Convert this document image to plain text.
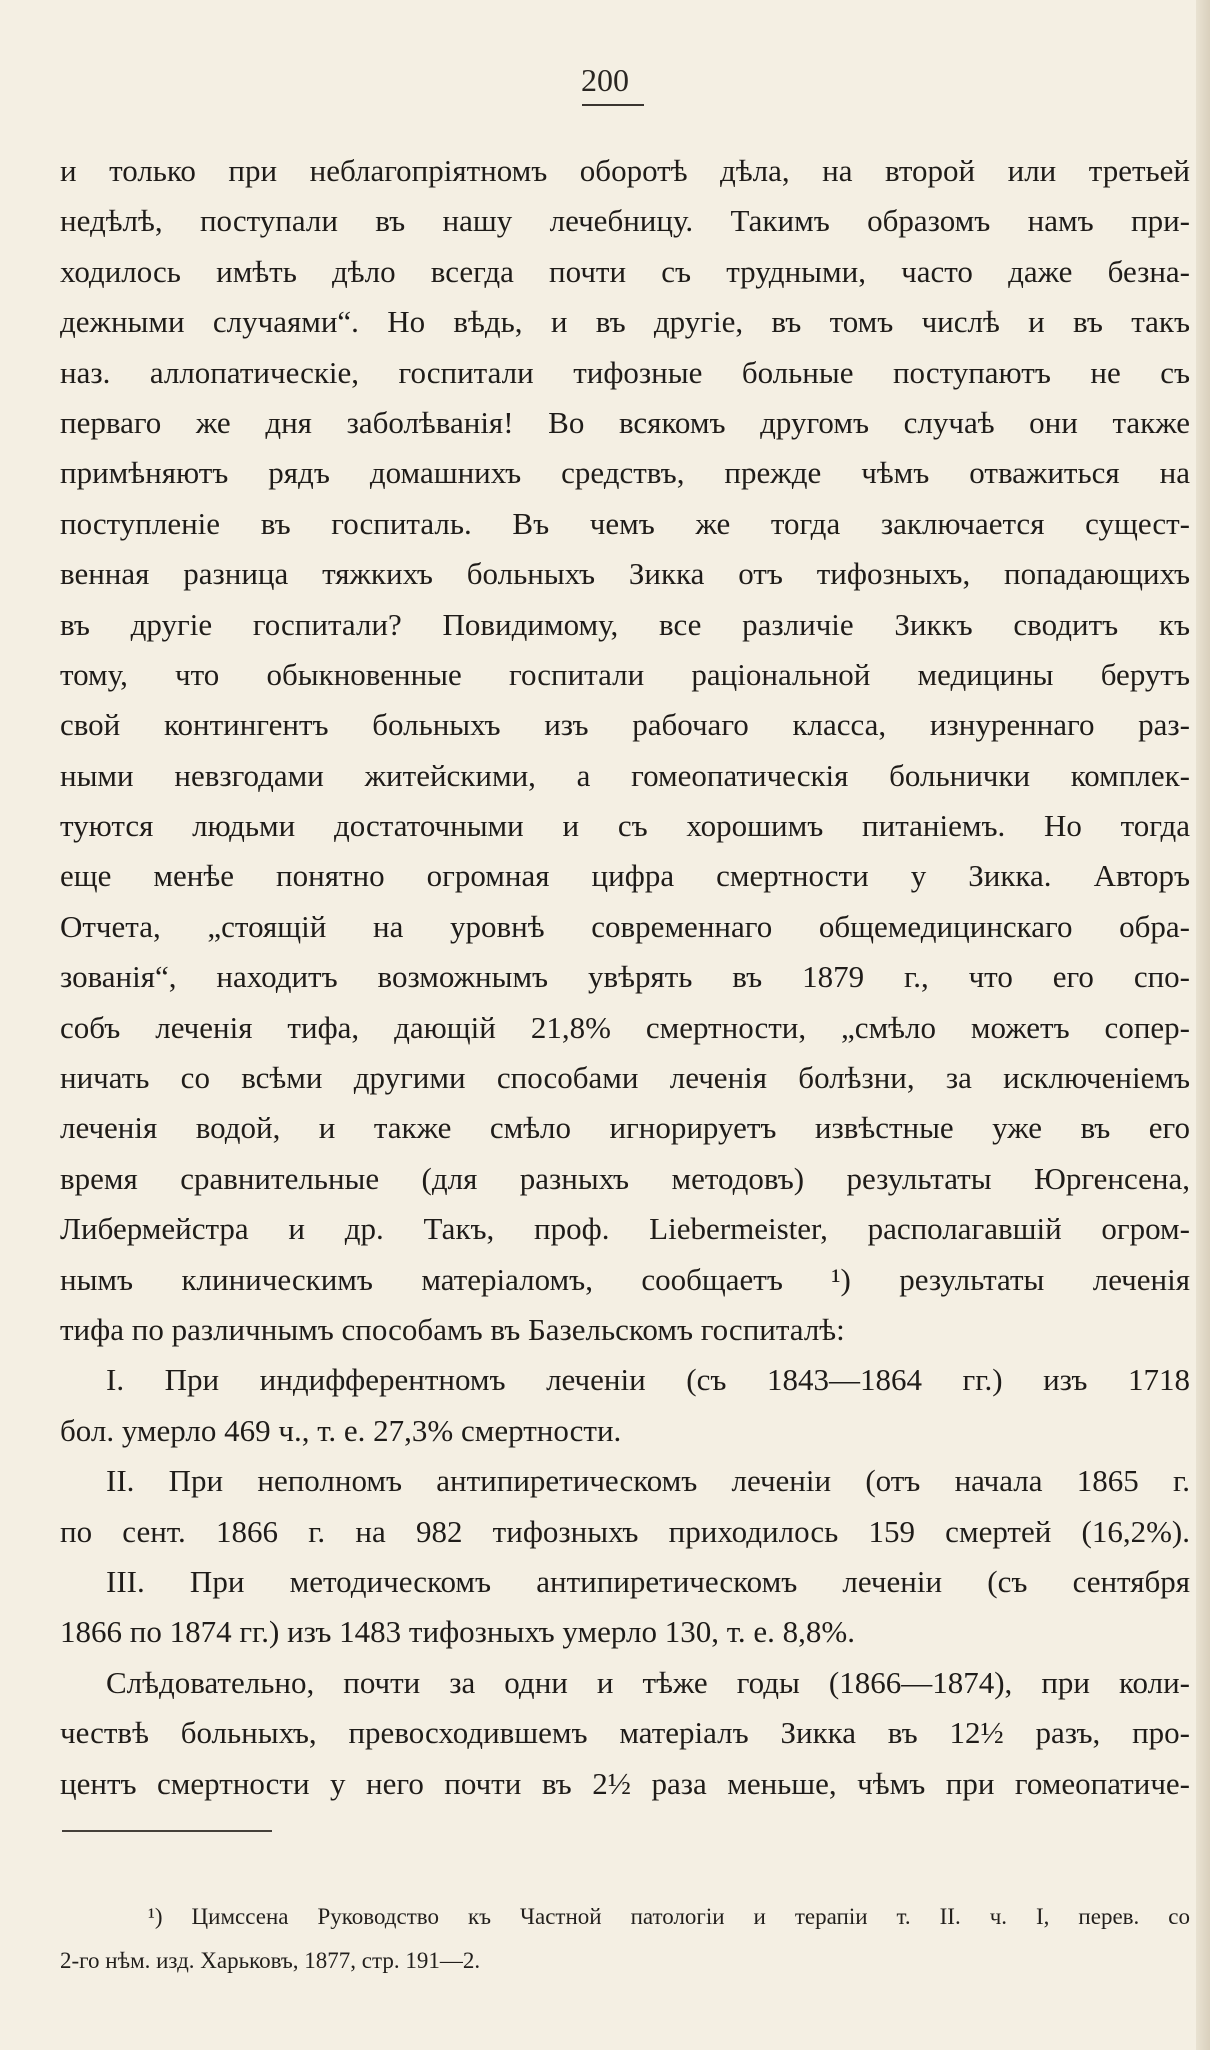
200
и только при неблагопріятномъ оборотѣ дѣла, на второй или третьей
недѣлѣ, поступали въ нашу лечебницу. Такимъ образомъ намъ при-
ходилось имѣть дѣло всегда почти съ трудными, часто даже безна-
дежными случаями“. Но вѣдь, и въ другіе, въ томъ числѣ и въ такъ
наз. аллопатическіе, госпитали тифозные больные поступаютъ не съ
перваго же дня заболѣванія! Во всякомъ другомъ случаѣ они также
примѣняютъ рядъ домашнихъ средствъ, прежде чѣмъ отважиться на
поступленіе въ госпиталь. Въ чемъ же тогда заключается сущест-
венная разница тяжкихъ больныхъ Зикка отъ тифозныхъ, попадающихъ
въ другіе госпитали? Повидимому, все различіе Зиккъ сводитъ къ
тому, что обыкновенные госпитали раціональной медицины берутъ
свой контингентъ больныхъ изъ рабочаго класса, изнуреннаго раз-
ными невзгодами житейскими, а гомеопатическія больнички комплек-
туются людьми достаточными и съ хорошимъ питаніемъ. Но тогда
еще менѣе понятно огромная цифра смертности у Зикка. Авторъ
Отчета, „стоящій на уровнѣ современнаго общемедицинскаго обра-
зованія“, находитъ возможнымъ увѣрять въ 1879 г., что его спо-
собъ леченія тифа, дающій 21,8% смертности, „смѣло можетъ сопер-
ничать со всѣми другими способами леченія болѣзни, за исключеніемъ
леченія водой, и также смѣло игнорируетъ извѣстные уже въ его
время сравнительные (для разныхъ методовъ) результаты Юргенсена,
Либермейстра и др. Такъ, проф. Liebermeister, располагавшій огром-
нымъ клиническимъ матеріаломъ, сообщаетъ ¹) результаты леченія
тифа по различнымъ способамъ въ Базельскомъ госпиталѣ:
I. При индифферентномъ леченіи (съ 1843—1864 гг.) изъ 1718
бол. умерло 469 ч., т. е. 27,3% смертности.
II. При неполномъ антипиретическомъ леченіи (отъ начала 1865 г.
по сент. 1866 г. на 982 тифозныхъ приходилось 159 смертей (16,2%).
III. При методическомъ антипиретическомъ леченіи (съ сентября
1866 по 1874 гг.) изъ 1483 тифозныхъ умерло 130, т. е. 8,8%.
Слѣдовательно, почти за одни и тѣже годы (1866—1874), при коли-
чествѣ больныхъ, превосходившемъ матеріалъ Зикка въ 12½ разъ, про-
центъ смертности у него почти въ 2½ раза меньше, чѣмъ при гомеопатиче-
¹) Цимссена Руководство къ Частной патологіи и терапіи т. II. ч. I, перев. со
2-го нѣм. изд. Харьковъ, 1877, стр. 191—2.
